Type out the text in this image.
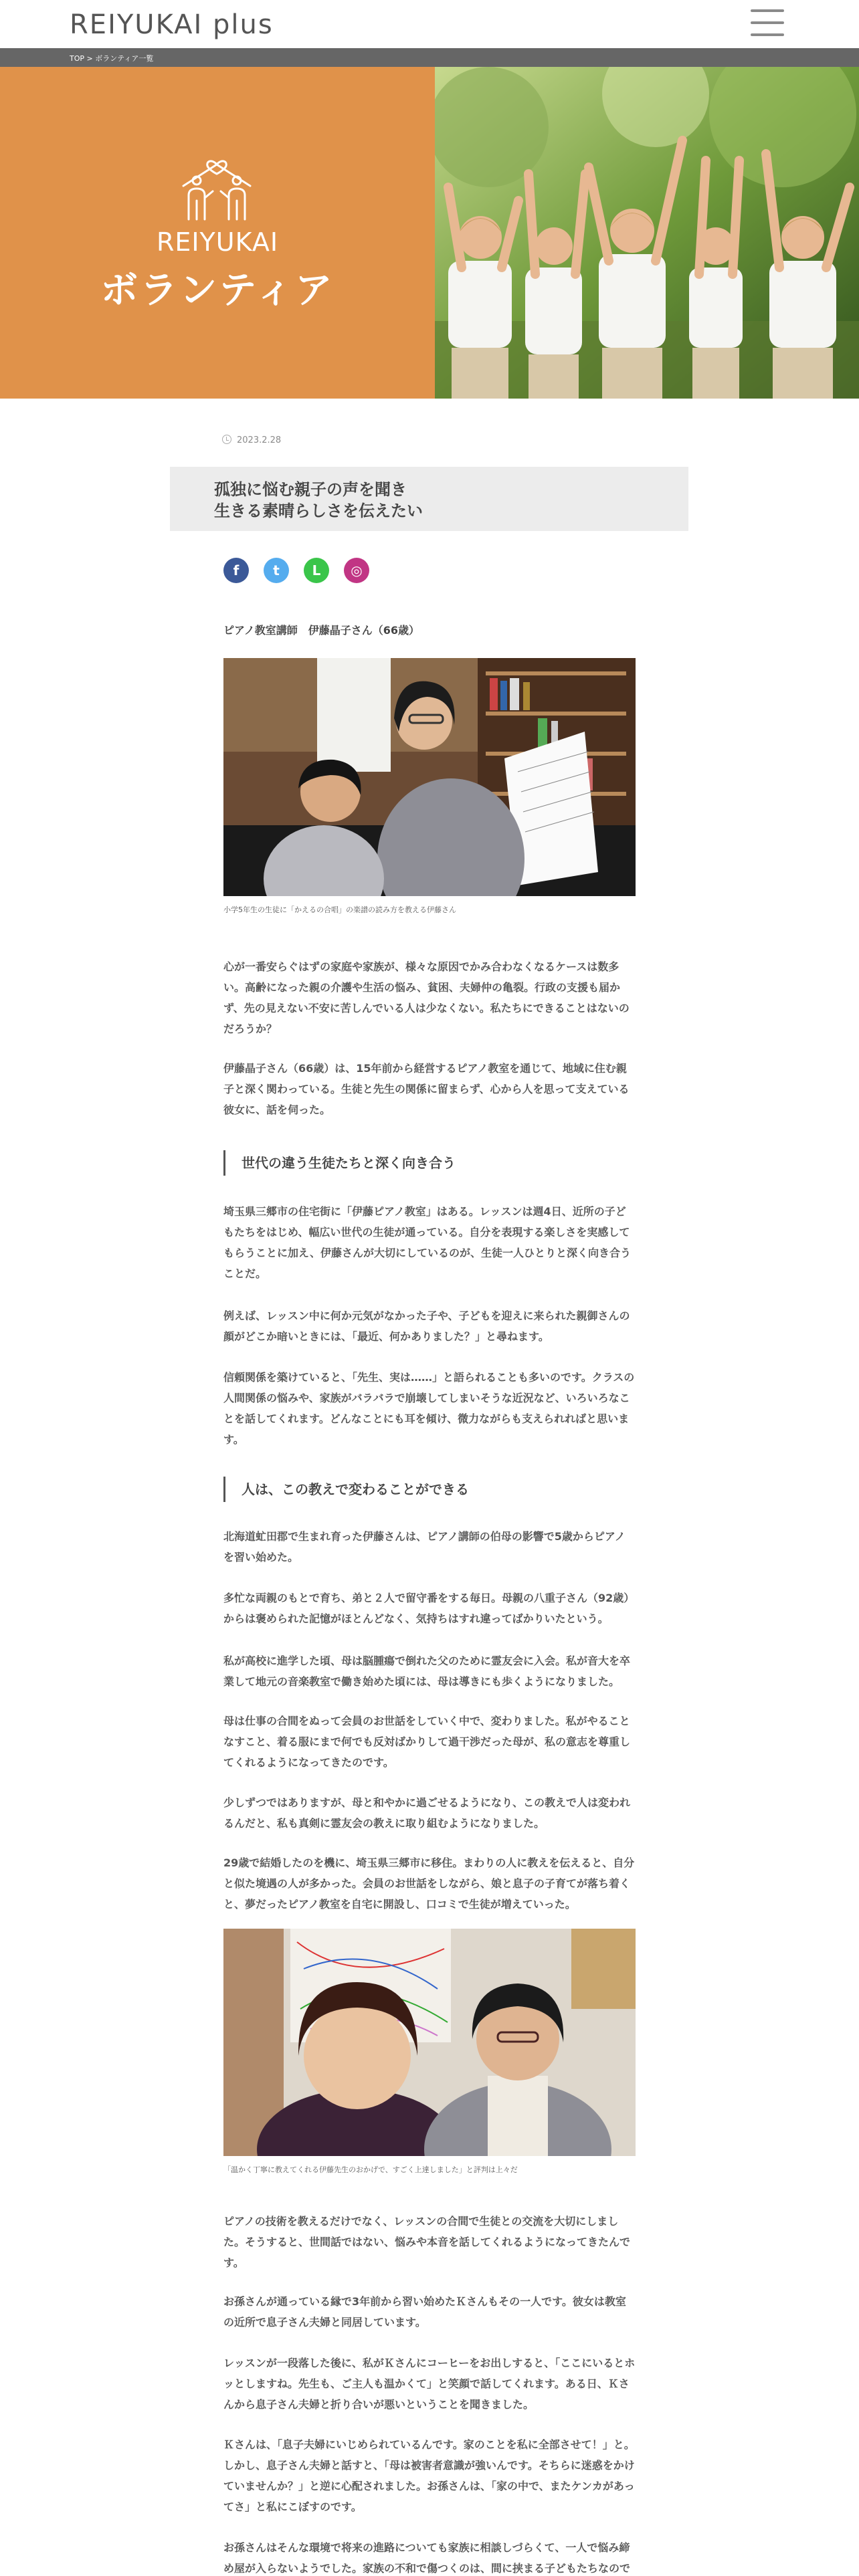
REIYUKAI plus
TOP > ボランティア一覧
REIYUKAI
ボランティア
2023.2.28
孤独に悩む親子の声を聞き
生きる素晴らしさを伝えたい
f	t	L	◎
ピアノ教室講師　伊藤晶子さん（66歳）
小学5年生の生徒に「かえるの合唱」の楽譜の読み方を教える伊藤さん

心が一番安らぐはずの家庭や家族が、様々な原因でかみ合わなくなるケースは数多い。高齢になった親の介護や生活の悩み、貧困、夫婦仲の亀裂。行政の支援も届かず、先の見えない不安に苦しんでいる人は少なくない。私たちにできることはないのだろうか？

伊藤晶子さん（66歳）は、15年前から経営するピアノ教室を通じて、地域に住む親子と深く関わっている。生徒と先生の関係に留まらず、心から人を思って支えている彼女に、話を伺った。

世代の違う生徒たちと深く向き合う

埼玉県三郷市の住宅街に「伊藤ピアノ教室」はある。レッスンは週4日、近所の子どもたちをはじめ、幅広い世代の生徒が通っている。自分を表現する楽しさを実感してもらうことに加え、伊藤さんが大切にしているのが、生徒一人ひとりと深く向き合うことだ。

例えば、レッスン中に何か元気がなかった子や、子どもを迎えに来られた親御さんの顔がどこか暗いときには、「最近、何かありました？」と尋ねます。

信頼関係を築けていると、「先生、実は……」と語られることも多いのです。クラスの人間関係の悩みや、家族がバラバラで崩壊してしまいそうな近況など、いろいろなことを話してくれます。どんなことにも耳を傾け、微力ながらも支えられればと思います。

人は、この教えで変わることができる

北海道虻田郡で生まれ育った伊藤さんは、ピアノ講師の伯母の影響で5歳からピアノを習い始めた。

多忙な両親のもとで育ち、弟と２人で留守番をする毎日。母親の八重子さん（92歳）からは褒められた記憶がほとんどなく、気持ちはすれ違ってばかりいたという。

私が高校に進学した頃、母は脳腫瘍で倒れた父のために霊友会に入会。私が音大を卒業して地元の音楽教室で働き始めた頃には、母は導きにも歩くようになりました。

母は仕事の合間をぬって会員のお世話をしていく中で、変わりました。私がやることなすこと、着る服にまで何でも反対ばかりして過干渉だった母が、私の意志を尊重してくれるようになってきたのです。

少しずつではありますが、母と和やかに過ごせるようになり、この教えで人は変われるんだと、私も真剣に霊友会の教えに取り組むようになりました。

29歳で結婚したのを機に、埼玉県三郷市に移住。まわりの人に教えを伝えると、自分と似た境遇の人が多かった。会員のお世話をしながら、娘と息子の子育てが落ち着くと、夢だったピアノ教室を自宅に開設し、口コミで生徒が増えていった。

「温かく丁寧に教えてくれる伊藤先生のおかげで、すごく上達しました」と評判は上々だ

ピアノの技術を教えるだけでなく、レッスンの合間で生徒との交流を大切にしました。そうすると、世間話ではない、悩みや本音を話してくれるようになってきたんです。

お孫さんが通っている縁で3年前から習い始めたＫさんもその一人です。彼女は教室の近所で息子さん夫婦と同居しています。

レッスンが一段落した後に、私がＫさんにコーヒーをお出しすると、「ここにいるとホッとしますね。先生も、ご主人も温かくて」と笑顔で話してくれます。ある日、Ｋさんから息子さん夫婦と折り合いが悪いということを聞きました。

Ｋさんは、「息子夫婦にいじめられているんです。家のことを私に全部させて！」と。しかし、息子さん夫婦と話すと、「母は被害者意識が強いんです。そちらに迷惑をかけていませんか？」と逆に心配されました。お孫さんは、「家の中で、またケンカがあってさ」と私にこぼすのです。

お孫さんはそんな環境で将来の進路についても家族に相談しづらくて、一人で悩み締め屋が入らないようでした。家族の不和で傷つくのは、間に挟まる子どもたちなので
